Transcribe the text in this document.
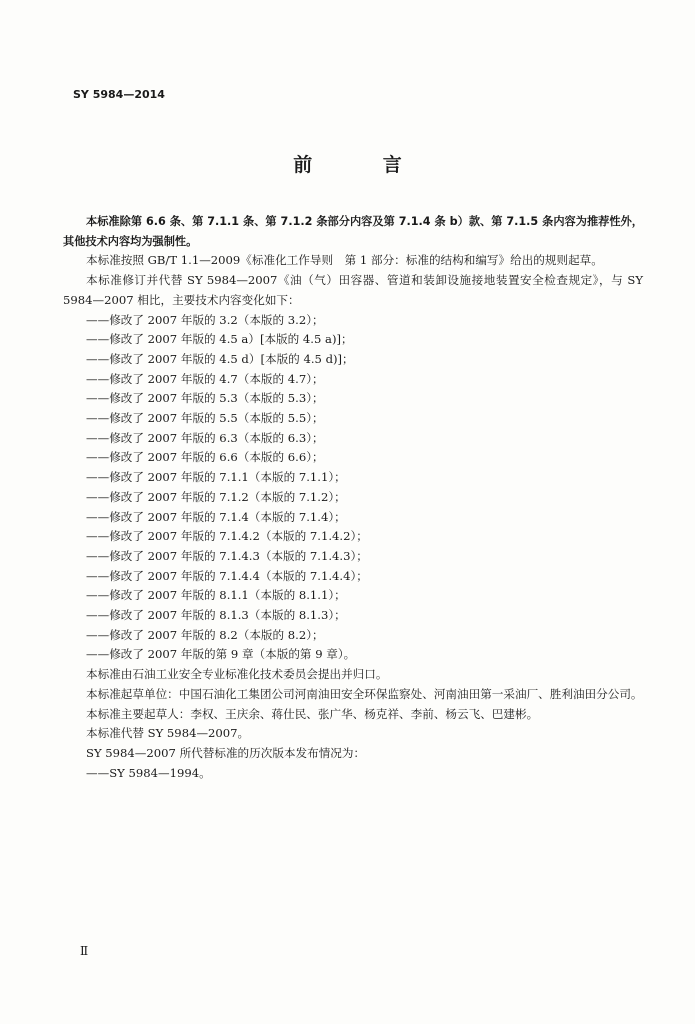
SY 5984—2014
前 言

本标准除第 6.6 条、第 7.1.1 条、第 7.1.2 条部分内容及第 7.1.4 条 b）款、第 7.1.5 条内容为推荐性外，其他技术内容均为强制性。

本标准按照 GB/T 1.1—2009《标准化工作导则　第 1 部分：标准的结构和编写》给出的规则起草。

本标准修订并代替 SY 5984—2007《油（气）田容器、管道和装卸设施接地装置安全检查规定》，与 SY 5984—2007 相比，主要技术内容变化如下：

——修改了 2007 年版的 3.2（本版的 3.2）；

——修改了 2007 年版的 4.5 a）[本版的 4.5 a)]；

——修改了 2007 年版的 4.5 d）[本版的 4.5 d)]；

——修改了 2007 年版的 4.7（本版的 4.7）；

——修改了 2007 年版的 5.3（本版的 5.3）；

——修改了 2007 年版的 5.5（本版的 5.5）；

——修改了 2007 年版的 6.3（本版的 6.3）；

——修改了 2007 年版的 6.6（本版的 6.6）；

——修改了 2007 年版的 7.1.1（本版的 7.1.1）；

——修改了 2007 年版的 7.1.2（本版的 7.1.2）；

——修改了 2007 年版的 7.1.4（本版的 7.1.4）；

——修改了 2007 年版的 7.1.4.2（本版的 7.1.4.2）；

——修改了 2007 年版的 7.1.4.3（本版的 7.1.4.3）；

——修改了 2007 年版的 7.1.4.4（本版的 7.1.4.4）；

——修改了 2007 年版的 8.1.1（本版的 8.1.1）；

——修改了 2007 年版的 8.1.3（本版的 8.1.3）；

——修改了 2007 年版的 8.2（本版的 8.2）；

——修改了 2007 年版的第 9 章（本版的第 9 章）。

本标准由石油工业安全专业标准化技术委员会提出并归口。

本标准起草单位：中国石油化工集团公司河南油田安全环保监察处、河南油田第一采油厂、胜利油田分公司。

本标准主要起草人：李权、王庆余、蒋仕民、张广华、杨克祥、李前、杨云飞、巴建彬。

本标准代替 SY 5984—2007。

SY 5984—2007 所代替标准的历次版本发布情况为：

——SY 5984—1994。

Ⅱ
